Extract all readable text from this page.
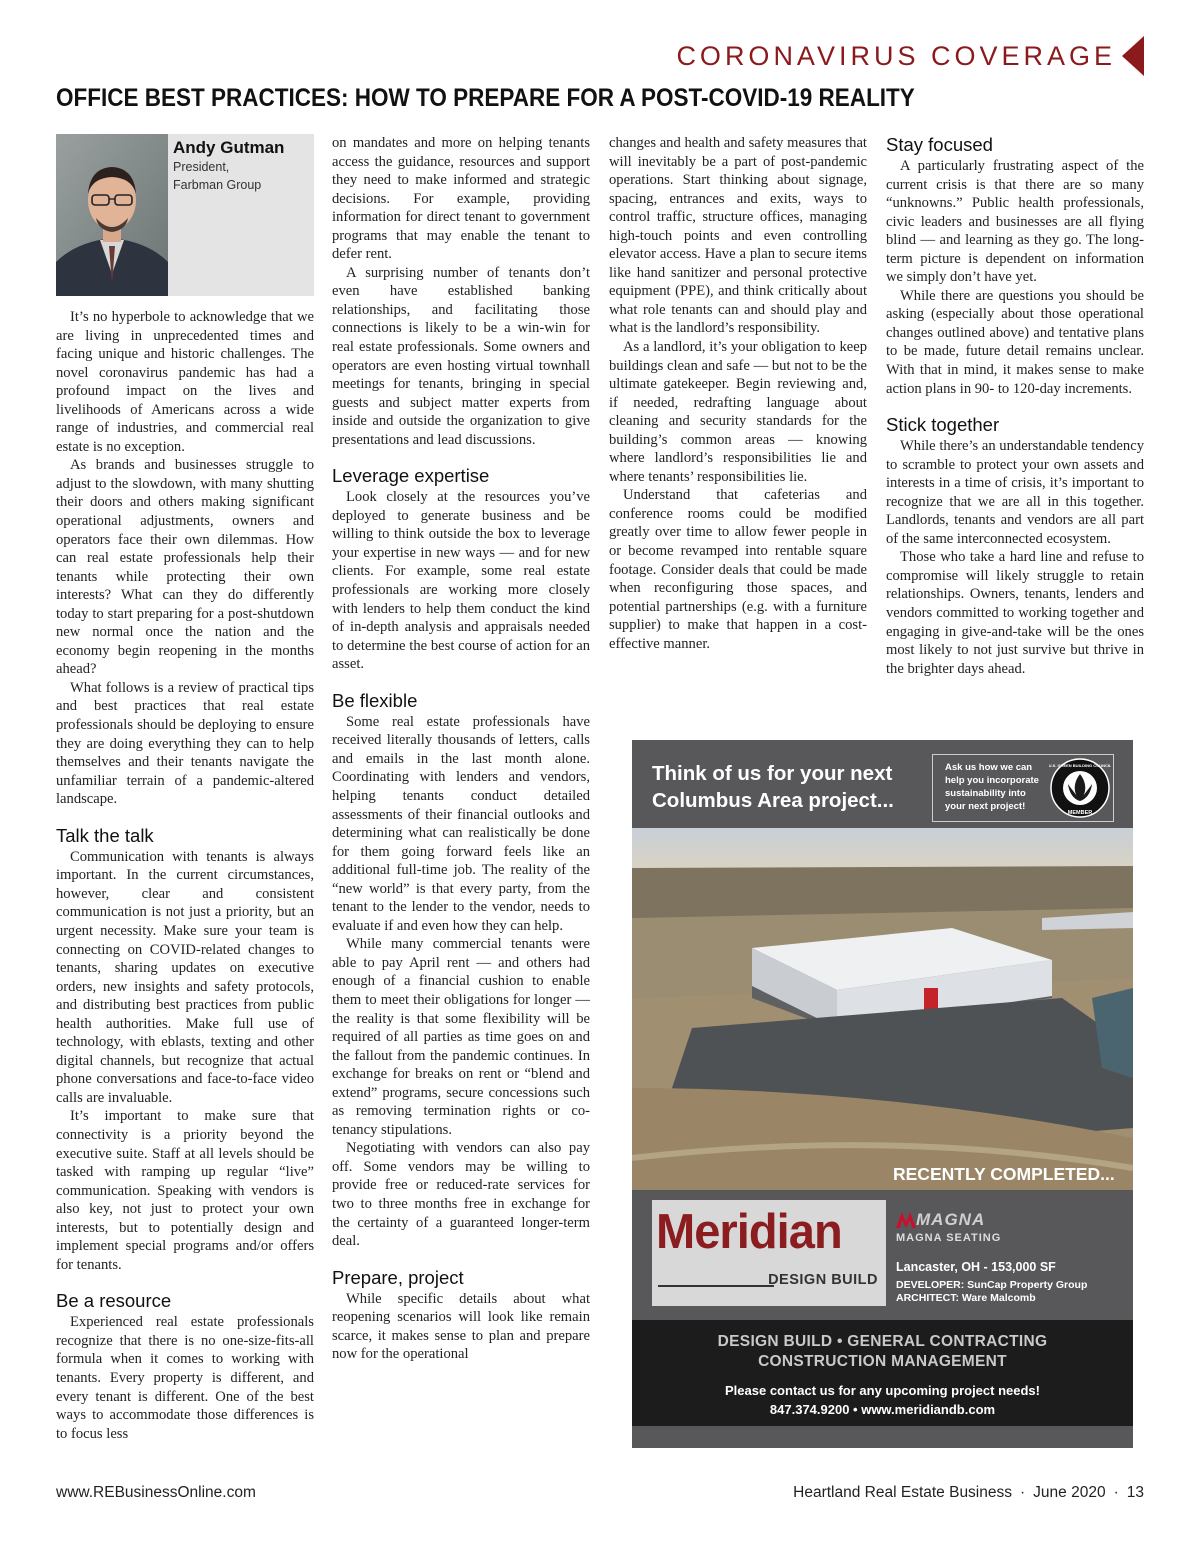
CORONAVIRUS COVERAGE
OFFICE BEST PRACTICES: HOW TO PREPARE FOR A POST-COVID-19 REALITY
Andy Gutman
President,
Farbman Group

It’s no hyperbole to acknowledge that we are living in unprecedented times and facing unique and historic challenges. The novel coronavirus pandemic has had a profound impact on the lives and livelihoods of Americans across a wide range of industries, and commercial real estate is no exception.

As brands and businesses struggle to adjust to the slowdown, with many shutting their doors and others making significant operational adjustments, owners and operators face their own dilemmas. How can real estate professionals help their tenants while protecting their own interests? What can they do differently today to start preparing for a post-shutdown new normal once the nation and the economy begin reopening in the months ahead?

What follows is a review of practical tips and best practices that real estate professionals should be deploying to ensure they are doing everything they can to help themselves and their tenants navigate the unfamiliar terrain of a pandemic-altered landscape.

Talk the talk

Communication with tenants is always important. In the current circumstances, however, clear and consistent communication is not just a priority, but an urgent necessity. Make sure your team is connecting on COVID-related changes to tenants, sharing updates on executive orders, new insights and safety protocols, and distributing best practices from public health authorities. Make full use of technology, with eblasts, texting and other digital channels, but recognize that actual phone conversations and face-to-face video calls are invaluable.

It’s important to make sure that connectivity is a priority beyond the executive suite. Staff at all levels should be tasked with ramping up regular “live” communication. Speaking with vendors is also key, not just to protect your own interests, but to potentially design and implement special programs and/or offers for tenants.

Be a resource

Experienced real estate professionals recognize that there is no one-size-fits-all formula when it comes to working with tenants. Every property is different, and every tenant is different. One of the best ways to accommodate those differences is to focus less

on mandates and more on helping tenants access the guidance, resources and support they need to make informed and strategic decisions. For example, providing information for direct tenant to government programs that may enable the tenant to defer rent.

A surprising number of tenants don’t even have established banking relationships, and facilitating those connections is likely to be a win-win for real estate professionals. Some owners and operators are even hosting virtual townhall meetings for tenants, bringing in special guests and subject matter experts from inside and outside the organization to give presentations and lead discussions.

Leverage expertise

Look closely at the resources you’ve deployed to generate business and be willing to think outside the box to leverage your expertise in new ways — and for new clients. For example, some real estate professionals are working more closely with lenders to help them conduct the kind of in-depth analysis and appraisals needed to determine the best course of action for an asset.

Be flexible

Some real estate professionals have received literally thousands of letters, calls and emails in the last month alone. Coordinating with lenders and vendors, helping tenants conduct detailed assessments of their financial outlooks and determining what can realistically be done for them going forward feels like an additional full-time job. The reality of the “new world” is that every party, from the tenant to the lender to the vendor, needs to evaluate if and even how they can help.

While many commercial tenants were able to pay April rent — and others had enough of a financial cushion to enable them to meet their obligations for longer — the reality is that some flexibility will be required of all parties as time goes on and the fallout from the pandemic continues. In exchange for breaks on rent or “blend and extend” programs, secure concessions such as removing termination rights or co-tenancy stipulations.

Negotiating with vendors can also pay off. Some vendors may be willing to provide free or reduced-rate services for two to three months free in exchange for the certainty of a guaranteed longer-term deal.

Prepare, project

While specific details about what reopening scenarios will look like remain scarce, it makes sense to plan and prepare now for the operational

changes and health and safety measures that will inevitably be a part of post-pandemic operations. Start thinking about signage, spacing, entrances and exits, ways to control traffic, structure offices, managing high-touch points and even controlling elevator access. Have a plan to secure items like hand sanitizer and personal protective equipment (PPE), and think critically about what role tenants can and should play and what is the landlord’s responsibility.

As a landlord, it’s your obligation to keep buildings clean and safe — but not to be the ultimate gatekeeper. Begin reviewing and, if needed, redrafting language about cleaning and security standards for the building’s common areas — knowing where landlord’s responsibilities lie and where tenants’ responsibilities lie.

Understand that cafeterias and conference rooms could be modified greatly over time to allow fewer people in or become revamped into rentable square footage. Consider deals that could be made when reconfiguring those spaces, and potential partnerships (e.g. with a furniture supplier) to make that happen in a cost-effective manner.

Stay focused

A particularly frustrating aspect of the current crisis is that there are so many “unknowns.” Public health professionals, civic leaders and businesses are all flying blind — and learning as they go. The long-term picture is dependent on information we simply don’t have yet.

While there are questions you should be asking (especially about those operational changes outlined above) and tentative plans to be made, future detail remains unclear. With that in mind, it makes sense to make action plans in 90- to 120-day increments.

Stick together

While there’s an understandable tendency to scramble to protect your own assets and interests in a time of crisis, it’s important to recognize that we are all in this together. Landlords, tenants and vendors are all part of the same interconnected ecosystem.

Those who take a hard line and refuse to compromise will likely struggle to retain relationships. Owners, tenants, lenders and vendors committed to working together and engaging in give-and-take will be the ones most likely to not just survive but thrive in the brighter days ahead.

Think of us for your next
Columbus Area project...
Ask us how we can
help you incorporate
sustainability into
your next project!
MEMBER
U.S. GREEN BUILDING COUNCIL
Meridian
DESIGN BUILD
RECENTLY COMPLETED...
MAGNA
MAGNA SEATING
Lancaster, OH - 153,000 SF
DEVELOPER: SunCap Property Group
ARCHITECT: Ware Malcomb
DESIGN BUILD • GENERAL CONTRACTING
CONSTRUCTION MANAGEMENT
Please contact us for any upcoming project needs!
847.374.9200 • www.meridiandb.com
www.REBusinessOnline.com	Heartland Real Estate Business · June 2020 · 13
